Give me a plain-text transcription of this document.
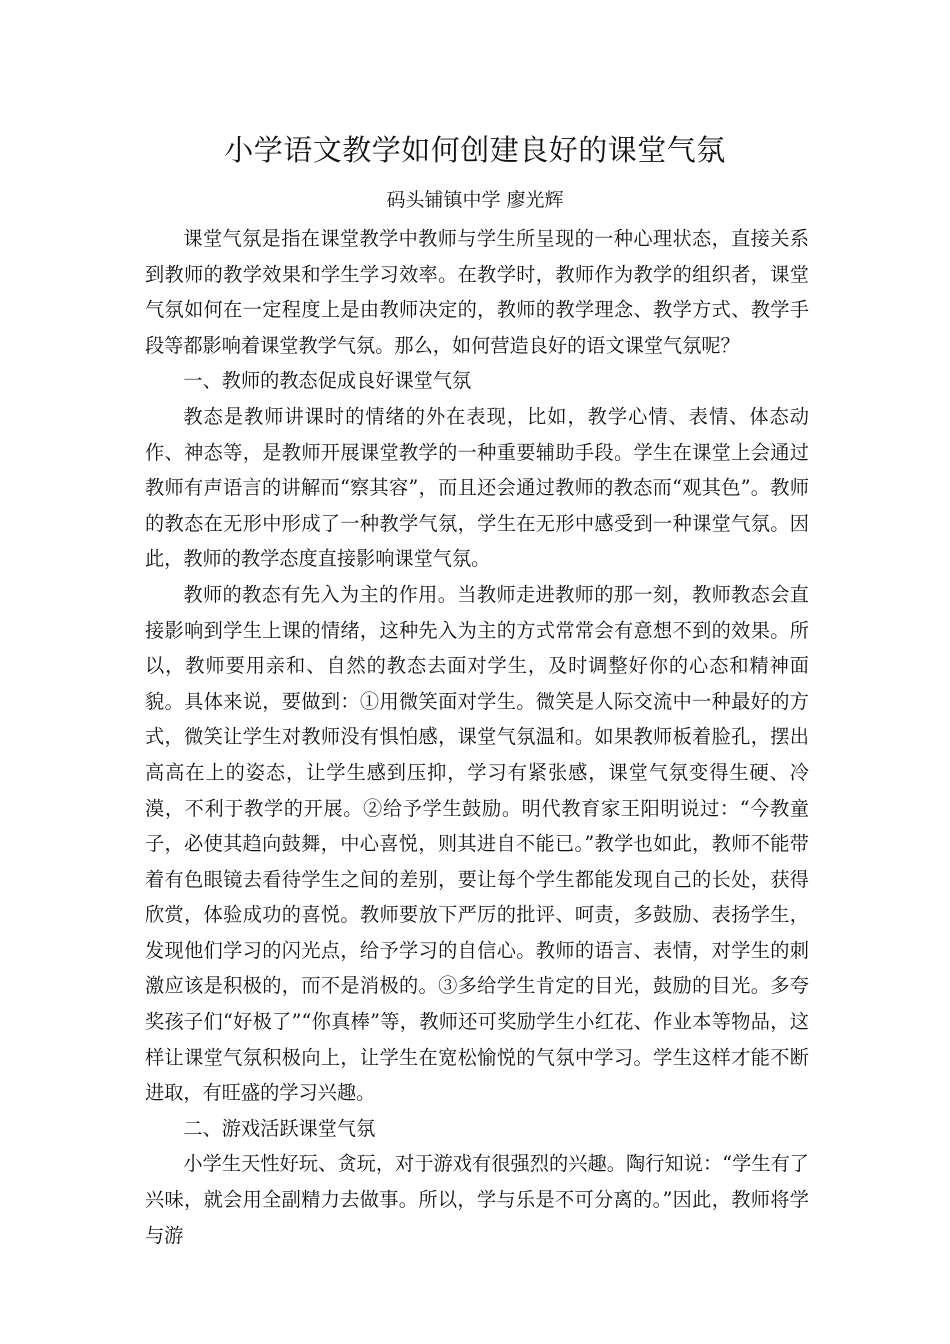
小学语文教学如何创建良好的课堂气氛
码头铺镇中学 廖光辉

课堂气氛是指在课堂教学中教师与学生所呈现的一种心理状态，直接关系到教师的教学效果和学生学习效率。在教学时，教师作为教学的组织者，课堂气氛如何在一定程度上是由教师决定的，教师的教学理念、教学方式、教学手段等都影响着课堂教学气氛。那么，如何营造良好的语文课堂气氛呢？

一、教师的教态促成良好课堂气氛

教态是教师讲课时的情绪的外在表现，比如，教学心情、表情、体态动作、神态等，是教师开展课堂教学的一种重要辅助手段。学生在课堂上会通过教师有声语言的讲解而“察其容”，而且还会通过教师的教态而“观其色”。教师的教态在无形中形成了一种教学气氛，学生在无形中感受到一种课堂气氛。因此，教师的教学态度直接影响课堂气氛。

教师的教态有先入为主的作用。当教师走进教师的那一刻，教师教态会直接影响到学生上课的情绪，这种先入为主的方式常常会有意想不到的效果。所以，教师要用亲和、自然的教态去面对学生，及时调整好你的心态和精神面貌。具体来说，要做到：①用微笑面对学生。微笑是人际交流中一种最好的方式，微笑让学生对教师没有惧怕感，课堂气氛温和。如果教师板着脸孔，摆出高高在上的姿态，让学生感到压抑，学习有紧张感，课堂气氛变得生硬、冷漠，不利于教学的开展。②给予学生鼓励。明代教育家王阳明说过：“今教童子，必使其趋向鼓舞，中心喜悦，则其进自不能已。”教学也如此，教师不能带着有色眼镜去看待学生之间的差别，要让每个学生都能发现自己的长处，获得欣赏，体验成功的喜悦。教师要放下严厉的批评、呵责，多鼓励、表扬学生，发现他们学习的闪光点，给予学习的自信心。教师的语言、表情，对学生的刺激应该是积极的，而不是消极的。③多给学生肯定的目光，鼓励的目光。多夸奖孩子们“好极了”“你真棒”等，教师还可奖励学生小红花、作业本等物品，这样让课堂气氛积极向上，让学生在宽松愉悦的气氛中学习。学生这样才能不断进取，有旺盛的学习兴趣。

二、游戏活跃课堂气氛

小学生天性好玩、贪玩，对于游戏有很强烈的兴趣。陶行知说：“学生有了兴味，就会用全副精力去做事。所以，学与乐是不可分离的。”因此，教师将学与游
